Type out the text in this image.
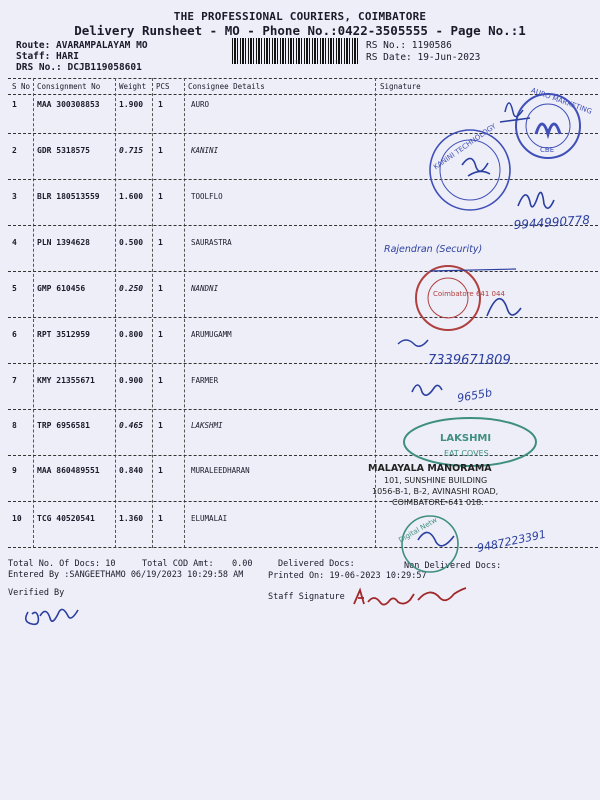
THE PROFESSIONAL COURIERS, COIMBATORE
Delivery Runsheet - MO - Phone No.:0422-3505555 - Page No.:1
Route: AVARAMPALAYAM MO
Staff: HARI
DRS No.: DCJB119058601
RS No.: 1190586
RS Date: 19-Jun-2023
S No Consignment No	Weight PCS Consignee Details	Signature
1	MAA 300308853 1.900 1	AURO
2	GDR 5318575	0.715 1	KANINI
3	BLR 180513559 1.600 1	TOOLFLO
4	PLN 1394628	0.500 1	SAURASTRA
5	GMP 610456	0.250 1	NANDNI
6	RPT 3512959	0.800 1	ARUMUGAMM
7	KMY 21355671	0.900 1	FARMER
8	TRP 6956581	0.465 1	LAKSHMI
9	MAA 860489551 0.840 1	MURALEEDHARAN
10 TCG 40520541	1.360 1	ELUMALAI
Total No. Of Docs: 10	Total COD Amt: 0.00	Delivered Docs:	Non Delivered Docs:
Entered By :SANGEETHAMO 06/19/2023 10:29:58 AM	Printed On: 19-06-2023 10:29:57
Verified By	Staff Signature
AURO MARKETING
CBE
KANINI TECHNOLOGY
9944990778
Rajendran (Security)
Coimbatore 641 044
7339671809
9655b
LAKSHMI
EAT COVES
MALAYALA MANORAMA
101, SUNSHINE BUILDING
1056-B-1, B-2, AVINASHI ROAD,
COIMBATORE-641 018.
Digital Netw	9487223391
